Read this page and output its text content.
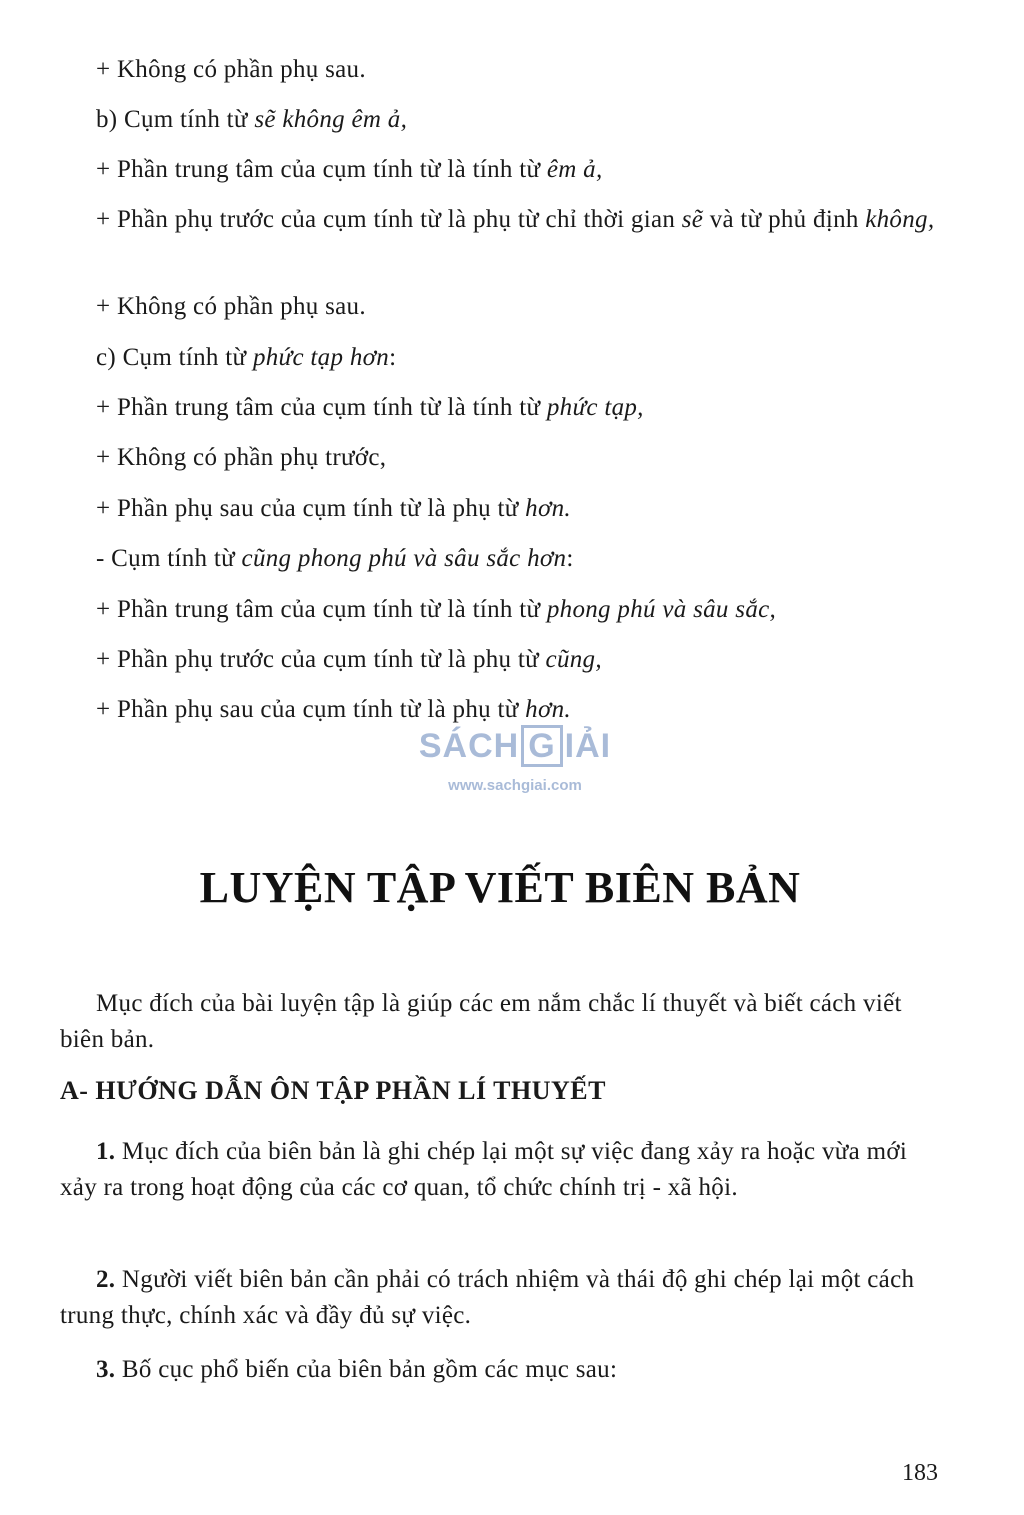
+ Không có phần phụ sau.
b) Cụm tính từ sẽ không êm ả,
+ Phần trung tâm của cụm tính từ là tính từ êm ả,
+ Phần phụ trước của cụm tính từ là phụ từ chỉ thời gian sẽ và từ phủ định không,
+ Không có phần phụ sau.
c) Cụm tính từ phức tạp hơn:
+ Phần trung tâm của cụm tính từ là tính từ phức tạp,
+ Không có phần phụ trước,
+ Phần phụ sau của cụm tính từ là phụ từ hơn.
- Cụm tính từ cũng phong phú và sâu sắc hơn:
+ Phần trung tâm của cụm tính từ là tính từ phong phú và sâu sắc,
+ Phần phụ trước của cụm tính từ là phụ từ cũng,
+ Phần phụ sau của cụm tính từ là phụ từ hơn.
SÁCH G IẢI
www.sachgiai.com
LUYỆN TẬP VIẾT BIÊN BẢN
Mục đích của bài luyện tập là giúp các em nắm chắc lí thuyết và biết cách viết biên bản.
A- HƯỚNG DẪN ÔN TẬP PHẦN LÍ THUYẾT
1. Mục đích của biên bản là ghi chép lại một sự việc đang xảy ra hoặc vừa mới xảy ra trong hoạt động của các cơ quan, tổ chức chính trị - xã hội.
2. Người viết biên bản cần phải có trách nhiệm và thái độ ghi chép lại một cách trung thực, chính xác và đầy đủ sự việc.
3. Bố cục phổ biến của biên bản gồm các mục sau:
183
